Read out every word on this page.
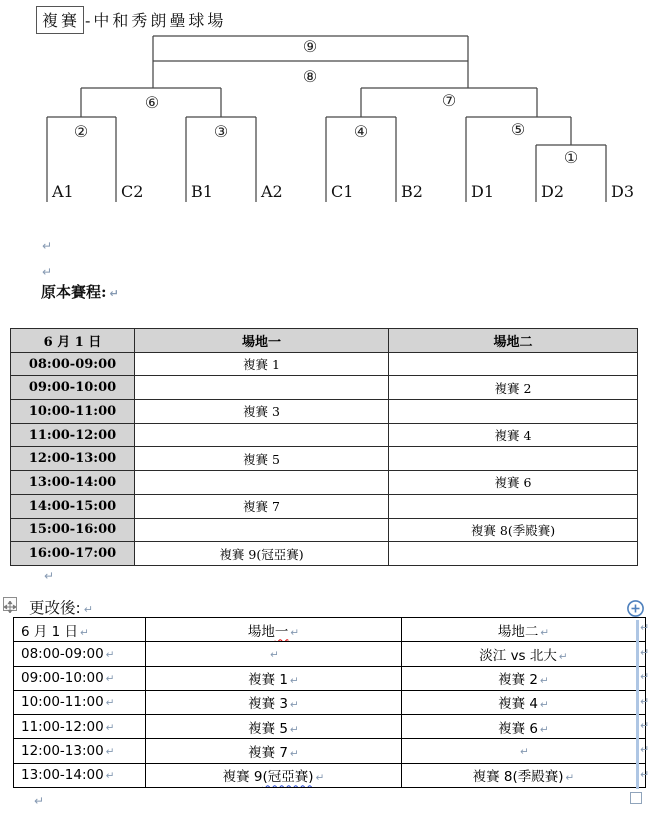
複賽 -中和秀朗壘球場
⑨
⑧
⑥	⑦
②	③	④	⑤
①
A1	C2	B1	A2	C1	B2	D1	D2	D3
↵
↵
原本賽程: ↵
6 月 1 日	場地一	場地二
08:00-09:00	複賽 1	
09:00-10:00		複賽 2
10:00-11:00	複賽 3	
11:00-12:00		複賽 4
12:00-13:00	複賽 5	
13:00-14:00		複賽 6
14:00-15:00	複賽 7	
15:00-16:00		複賽 8(季殿賽)
16:00-17:00	複賽 9(冠亞賽)	
↵
更改後: ↵
6 月 1 日 ↵	場地一 ↵	場地二 ↵
08:00-09:00 ↵	↵	淡江 vs 北大 ↵
09:00-10:00 ↵	複賽 1 ↵	複賽 2 ↵
10:00-11:00 ↵	複賽 3 ↵	複賽 4 ↵
11:00-12:00 ↵	複賽 5 ↵	複賽 6 ↵
12:00-13:00 ↵	複賽 7 ↵	↵
13:00-14:00 ↵	複賽 9(冠亞賽) ↵	複賽 8(季殿賽) ↵
↵
↵
↵
↵
↵
↵
↵
↵
